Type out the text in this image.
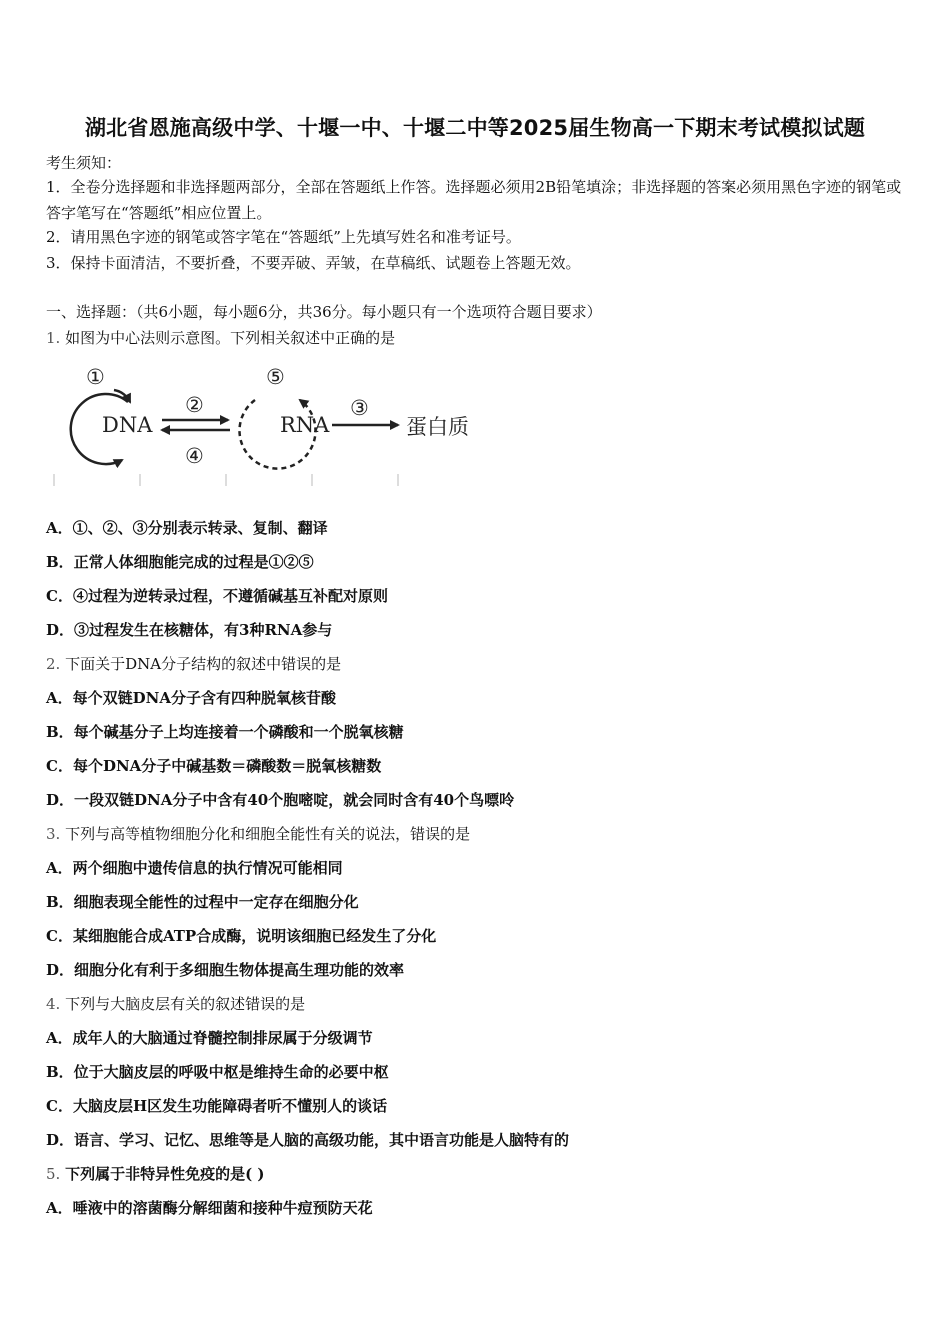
湖北省恩施高级中学、十堰一中、十堰二中等2025届生物高一下期末考试模拟试题
考生须知：
1．全卷分选择题和非选择题两部分，全部在答题纸上作答。选择题必须用2B铅笔填涂；非选择题的答案必须用黑色字迹的钢笔或答字笔写在“答题纸”相应位置上。
2．请用黑色字迹的钢笔或答字笔在“答题纸”上先填写姓名和准考证号。
3．保持卡面清洁，不要折叠，不要弄破、弄皱，在草稿纸、试题卷上答题无效。
一、选择题：（共6小题，每小题6分，共36分。每小题只有一个选项符合题目要求）
1. 如图为中心法则示意图。下列相关叙述中正确的是
DNA
①
②
④
RNA
⑤
③
蛋白质
A．①、②、③分别表示转录、复制、翻译
B．正常人体细胞能完成的过程是①②⑤
C．④过程为逆转录过程，不遵循碱基互补配对原则
D．③过程发生在核糖体，有3种RNA参与
2. 下面关于DNA分子结构的叙述中错误的是
A．每个双链DNA分子含有四种脱氧核苷酸
B．每个碱基分子上均连接着一个磷酸和一个脱氧核糖
C．每个DNA分子中碱基数＝磷酸数＝脱氧核糖数
D．一段双链DNA分子中含有40个胞嘧啶，就会同时含有40个鸟嘌呤
3. 下列与高等植物细胞分化和细胞全能性有关的说法，错误的是
A．两个细胞中遗传信息的执行情况可能相同
B．细胞表现全能性的过程中一定存在细胞分化
C．某细胞能合成ATP合成酶，说明该细胞已经发生了分化
D．细胞分化有利于多细胞生物体提高生理功能的效率
4. 下列与大脑皮层有关的叙述错误的是
A．成年人的大脑通过脊髓控制排尿属于分级调节
B．位于大脑皮层的呼吸中枢是维持生命的必要中枢
C．大脑皮层H区发生功能障碍者听不懂别人的谈话
D．语言、学习、记忆、思维等是人脑的高级功能，其中语言功能是人脑特有的
5. 下列属于非特异性免疫的是( )
A．唾液中的溶菌酶分解细菌和接种牛痘预防天花
